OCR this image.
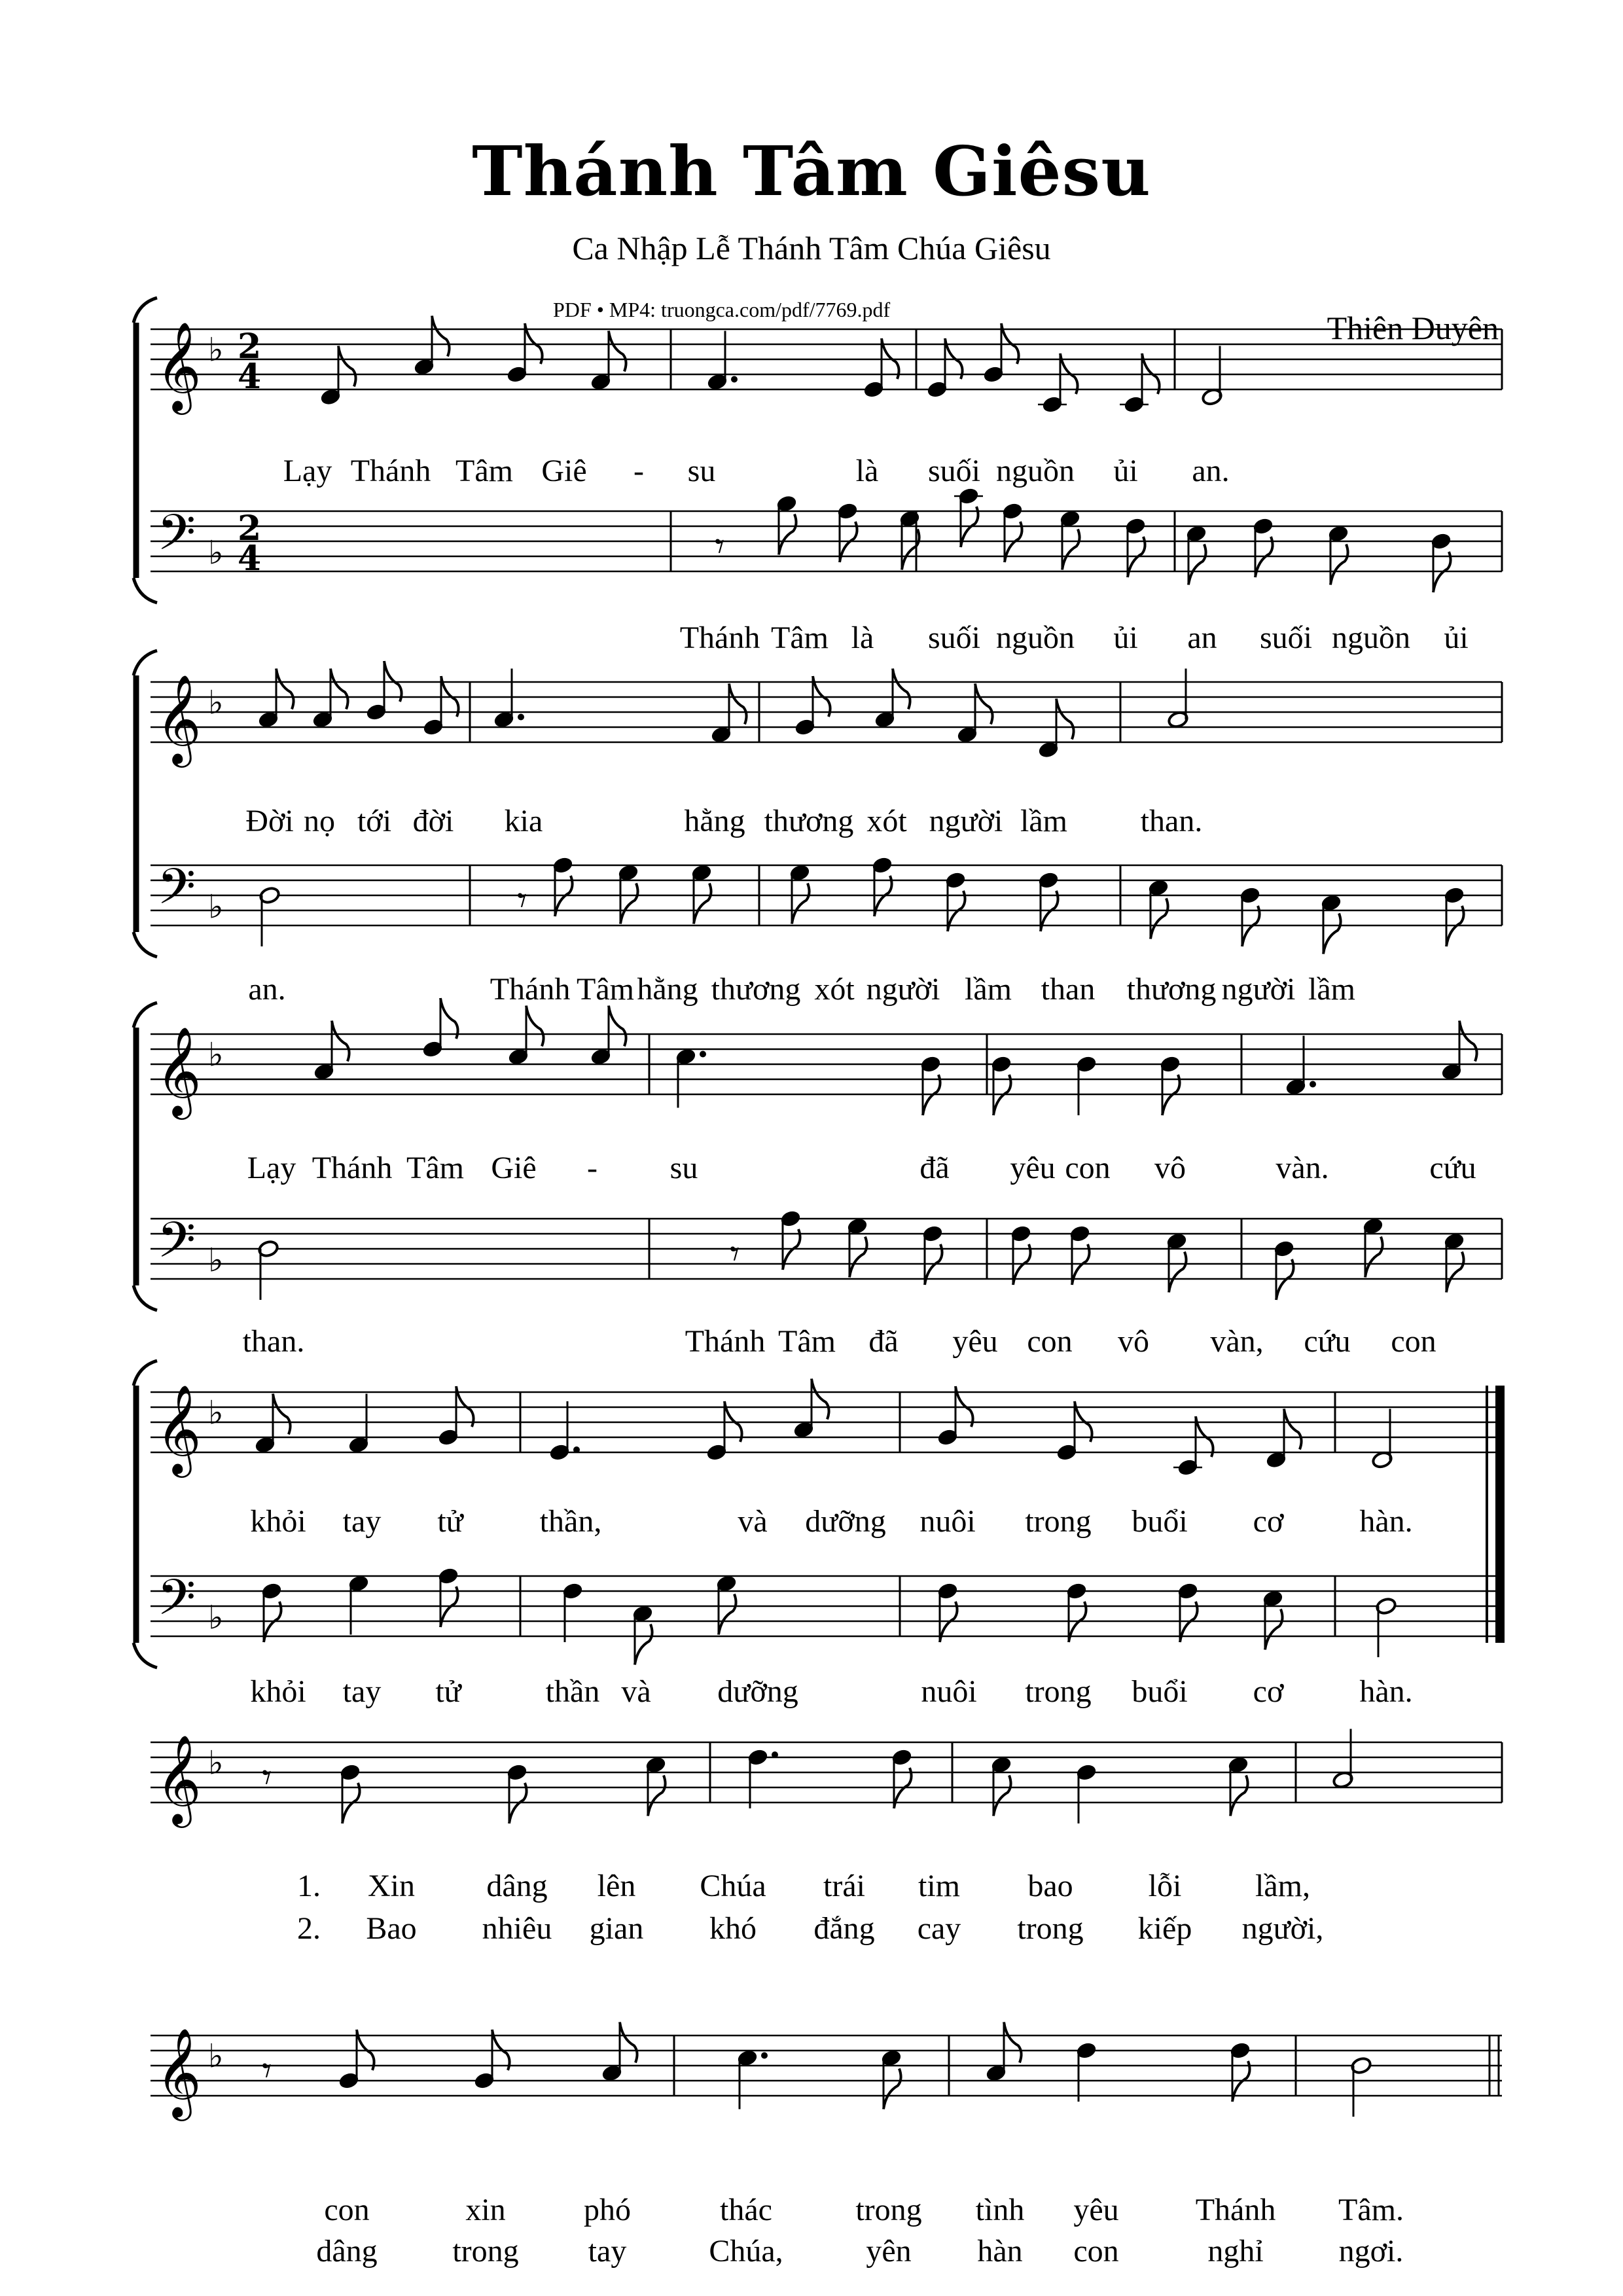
Thánh Tâm Giêsu
Ca Nhập Lễ Thánh Tâm Chúa Giêsu
PDF • MP4: truongca.com/pdf/7769.pdf	Thiên Duyên
𝄞 ♭
𝄢 ♭
2
4
2
4	𝄾
Lạy Thánh Tâm Giê - su	là suối nguồn ủi an.
Thánh Tâm là suối nguồn ủi an suối nguồn ủi
𝄞 ♭
𝄢 ♭	𝄾
Đời nọ tới đời kia	hằng thương xót người lầm than.
an.	Thánh Tâm hằng thương xót người lầm than thương người lầm
𝄞 ♭
𝄢 ♭	𝄾
Lạy Thánh Tâm Giê - su	đã yêu con vô	vàn.	cứu
than.	Thánh Tâm đã yêu con vô vàn, cứu con
𝄞 ♭
𝄢 ♭
khỏi tay tử thần,	và dưỡng nuôi trong buổi cơ hàn.
khỏi tay tử	thần và dưỡng	nuôi trong buổi cơ hàn.
𝄞 ♭ 𝄾
1. Xin dâng lên Chúa trái tim bao lỗi lầm,
2. Bao nhiêu gian khó đắng cay trong kiếp người,
𝄞 ♭ 𝄾
con	xin phó	thác	trong tình yêu Thánh Tâm.
dâng trong tay	Chúa,	yên hàn con	nghỉ ngơi.
